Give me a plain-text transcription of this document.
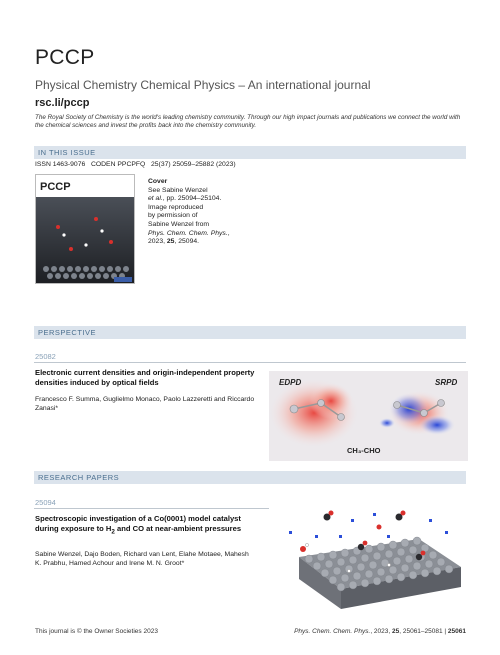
PCCP
Physical Chemistry Chemical Physics – An international journal
rsc.li/pccp
The Royal Society of Chemistry is the world's leading chemistry community. Through our high impact journals and publications we connect the world with the chemical sciences and invest the profits back into the chemistry community.
IN THIS ISSUE
ISSN 1463-9076 CODEN PPCPFQ 25(37) 25059–25882 (2023)
PCCP	Cover
See Sabine Wenzel
et al., pp. 25094–25104.
Image reproduced
by permission of
Sabine Wenzel from
Phys. Chem. Chem. Phys.,
2023, 25, 25094.
PERSPECTIVE
25082
Electronic current densities and origin-independent property densities induced by optical fields
Francesco F. Summa, Guglielmo Monaco, Paolo Lazzeretti and Riccardo Zanasi*
EDPD	SRPD
CH₃-CHO
RESEARCH PAPERS
25094
Spectroscopic investigation of a Co(0001) model catalyst during exposure to $H_2$ and CO at near-ambient pressures
Sabine Wenzel, Dajo Boden, Richard van Lent, Elahe Motaee, Mahesh K. Prabhu, Hamed Achour and Irene M. N. Groot*
This journal is © the Owner Societies 2023	Phys. Chem. Chem. Phys., 2023, 25, 25061–25081 | 25061
